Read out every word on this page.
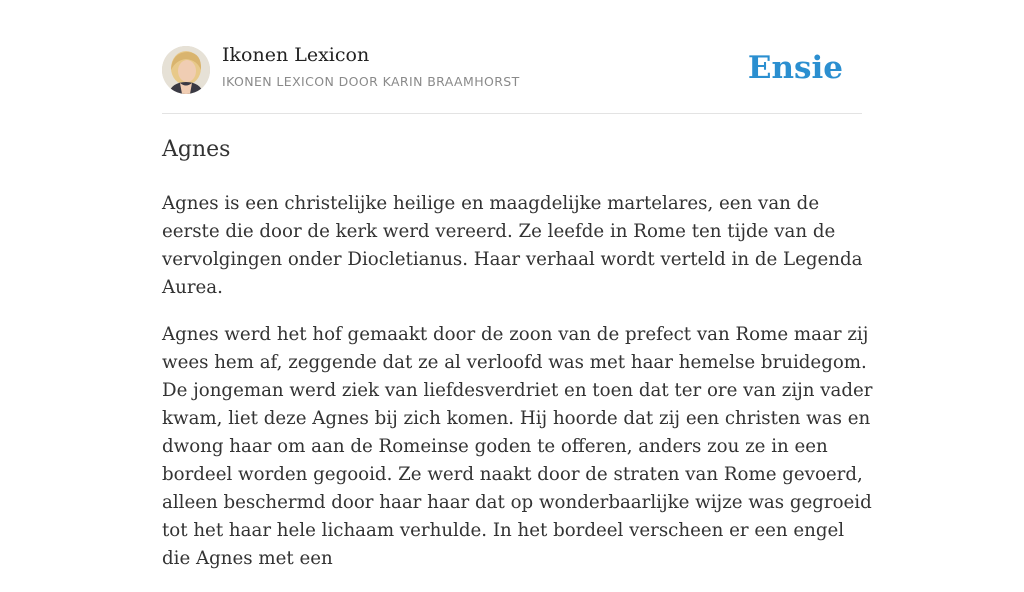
Ikonen Lexicon
IKONEN LEXICON DOOR KARIN BRAAMHORST	Ensie
Agnes

Agnes is een christelijke heilige en maagdelijke martelares, een van de eerste die door de kerk werd vereerd. Ze leefde in Rome ten tijde van de vervolgingen onder Diocletianus. Haar verhaal wordt verteld in de Legenda Aurea.

Agnes werd het hof gemaakt door de zoon van de prefect van Rome maar zij wees hem af, zeggende dat ze al verloofd was met haar hemelse bruidegom. De jongeman werd ziek van liefdesverdriet en toen dat ter ore van zijn vader kwam, liet deze Agnes bij zich komen. Hij hoorde dat zij een christen was en dwong haar om aan de Romeinse goden te offeren, anders zou ze in een bordeel worden gegooid. Ze werd naakt door de straten van Rome gevoerd, alleen beschermd door haar haar dat op wonderbaarlijke wijze was gegroeid tot het haar hele lichaam verhulde. In het bordeel verscheen er een engel die Agnes met een
